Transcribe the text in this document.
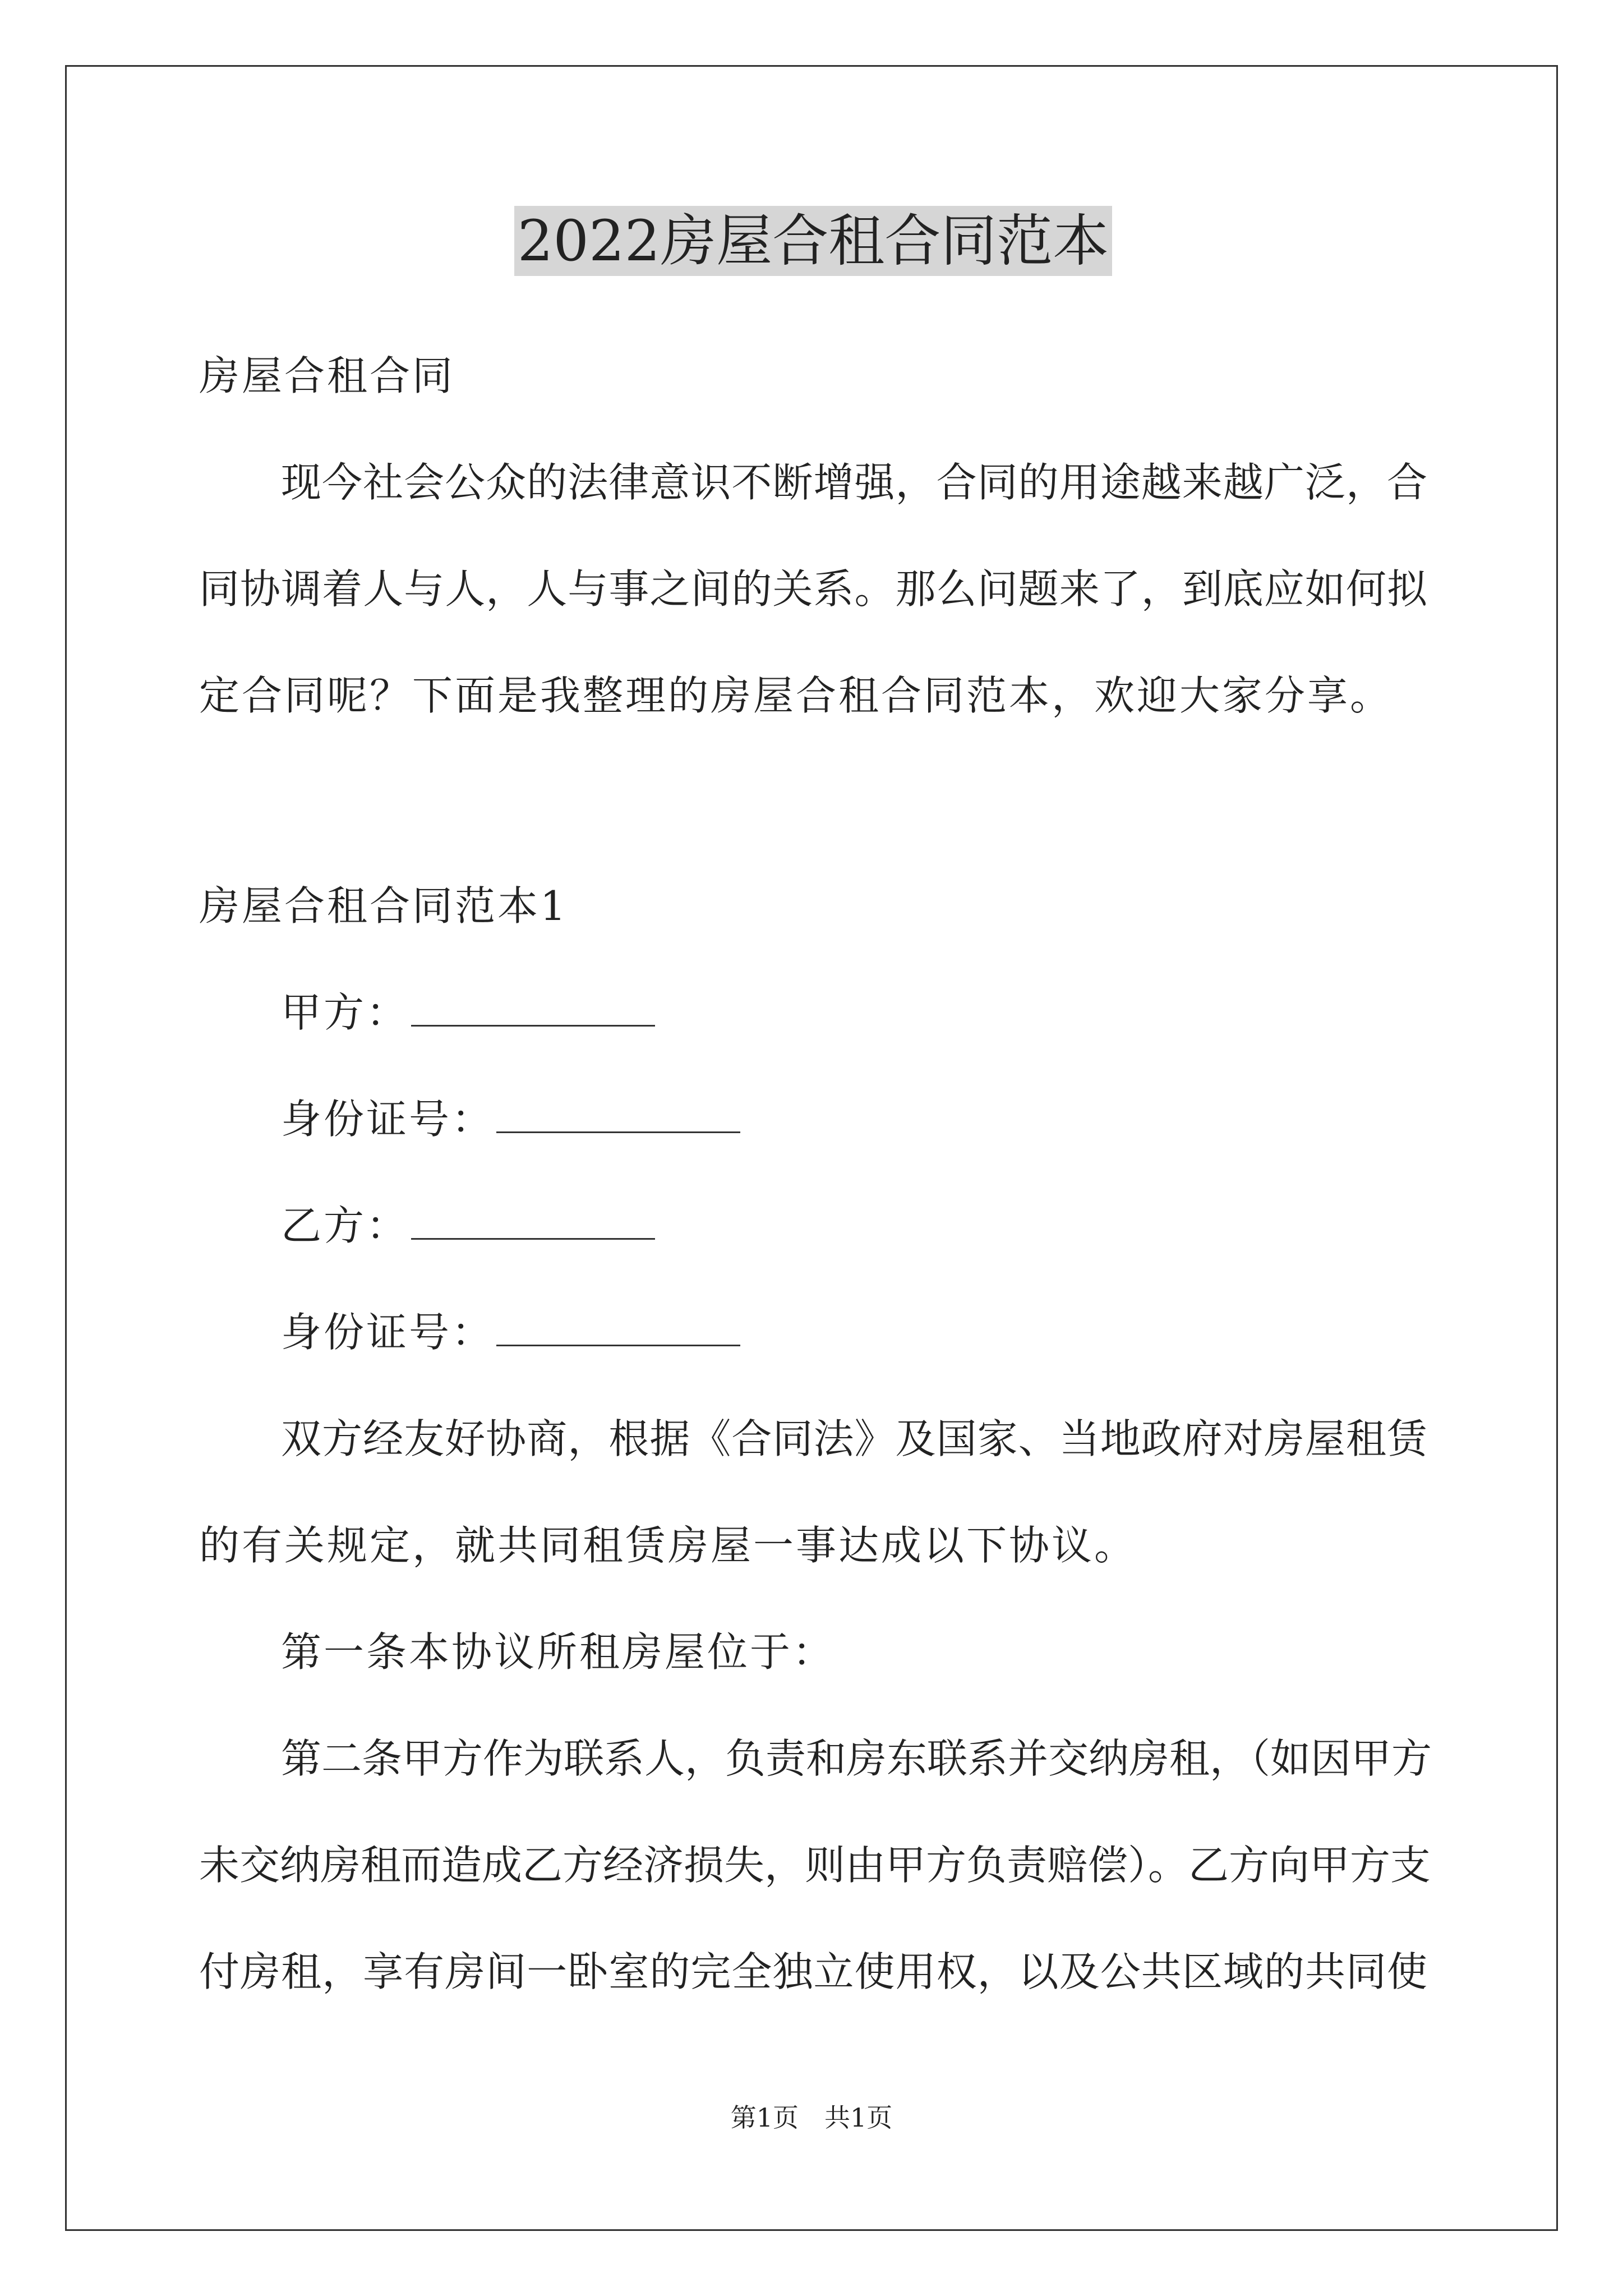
2022房屋合租合同范本
房屋合租合同
现今社会公众的法律意识不断增强，合同的用途越来越广泛，合
同协调着人与人，人与事之间的关系。那么问题来了，到底应如何拟
定合同呢？下面是我整理的房屋合租合同范本，欢迎大家分享。
房屋合租合同范本1
甲方：
身份证号：
乙方：
身份证号：
双方经友好协商，根据《合同法》及国家、当地政府对房屋租赁
的有关规定，就共同租赁房屋一事达成以下协议。
第一条本协议所租房屋位于：
第二条甲方作为联系人，负责和房东联系并交纳房租，（如因甲方
未交纳房租而造成乙方经济损失，则由甲方负责赔偿）。乙方向甲方支
付房租，享有房间一卧室的完全独立使用权，以及公共区域的共同使
第1页　共1页
